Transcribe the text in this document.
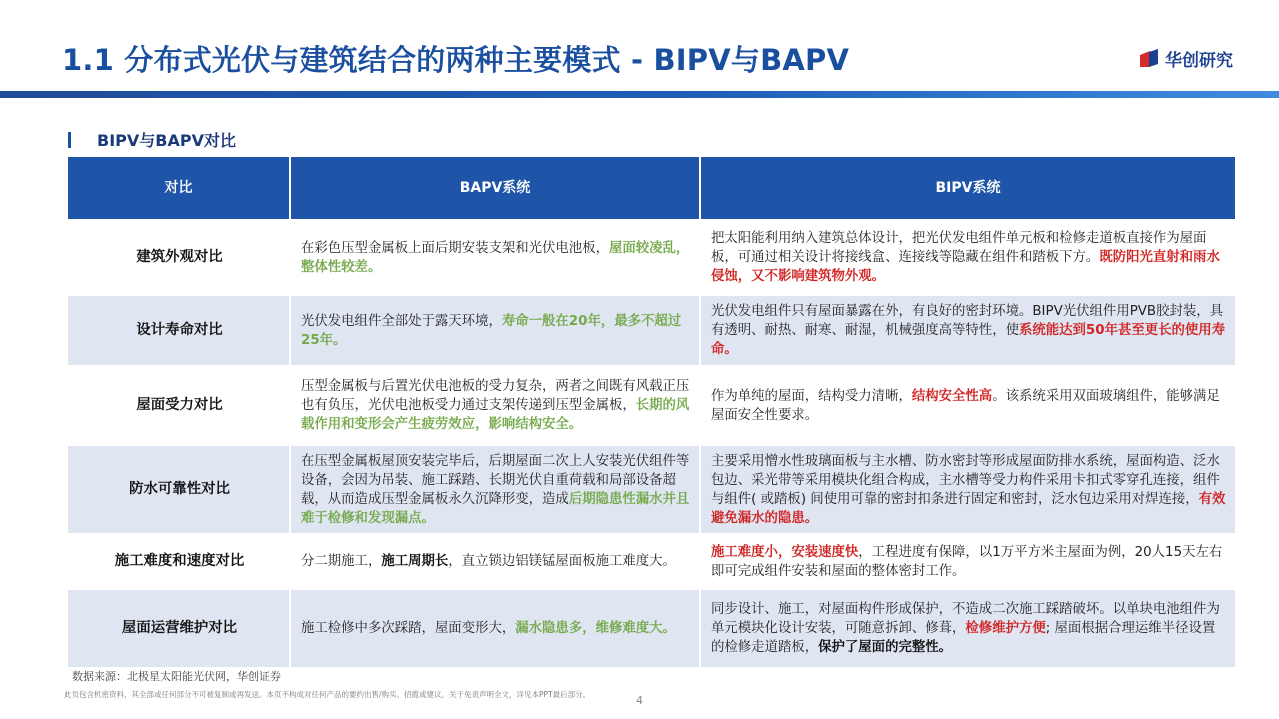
1.1 分布式光伏与建筑结合的两种主要模式 - BIPV与BAPV	华创研究
BIPV与BAPV对比
对比	BAPV系统	BIPV系统
建筑外观对比	在彩色压型金属板上面后期安装支架和光伏电池板，屋面较凌乱，整体性较差。	把太阳能利用纳入建筑总体设计，把光伏发电组件单元板和检修走道板直接作为屋面板，可通过相关设计将接线盒、连接线等隐藏在组件和踏板下方。既防阳光直射和雨水侵蚀，又不影响建筑物外观。
设计寿命对比	光伏发电组件全部处于露天环境，寿命一般在20年，最多不超过25年。	光伏发电组件只有屋面暴露在外，有良好的密封环境。BIPV光伏组件用PVB胶封装，具有透明、耐热、耐寒、耐湿，机械强度高等特性，使系统能达到50年甚至更长的使用寿命。
屋面受力对比	压型金属板与后置光伏电池板的受力复杂，两者之间既有风载正压也有负压，光伏电池板受力通过支架传递到压型金属板，长期的风载作用和变形会产生疲劳效应，影响结构安全。	作为单纯的屋面，结构受力清晰，结构安全性高。该系统采用双面玻璃组件，能够满足屋面安全性要求。
防水可靠性对比	在压型金属板屋顶安装完毕后，后期屋面二次上人安装光伏组件等设备，会因为吊装、施工踩踏、长期光伏自重荷载和局部设备超载，从而造成压型金属板永久沉降形变，造成后期隐患性漏水并且难于检修和发现漏点。	主要采用憎水性玻璃面板与主水槽、防水密封等形成屋面防排水系统，屋面构造、泛水包边、采光带等采用模块化组合构成，主水槽等受力构件采用卡扣式零穿孔连接，组件与组件( 或踏板) 间使用可靠的密封扣条进行固定和密封，泛水包边采用对焊连接，有效避免漏水的隐患。
施工难度和速度对比	分二期施工，施工周期长，直立锁边铝镁锰屋面板施工难度大。	施工难度小，安装速度快，工程进度有保障，以1万平方米主屋面为例，20人15天左右即可完成组件安装和屋面的整体密封工作。
屋面运营维护对比	施工检修中多次踩踏，屋面变形大，漏水隐患多，维修难度大。	同步设计、施工，对屋面构件形成保护，不造成二次施工踩踏破坏。以单块电池组件为单元模块化设计安装，可随意拆卸、修葺，检修维护方便; 屋面根据合理运维半径设置的检修走道踏板，保护了屋面的完整性。
数据来源：北极星太阳能光伏网，华创证券
此页包含机密资料，其全部或任何部分不可被复制或再发送。本页不构成对任何产品的要约出售/购买、招揽或建议。关于免责声明全文，详见本PPT最后部分。	4
